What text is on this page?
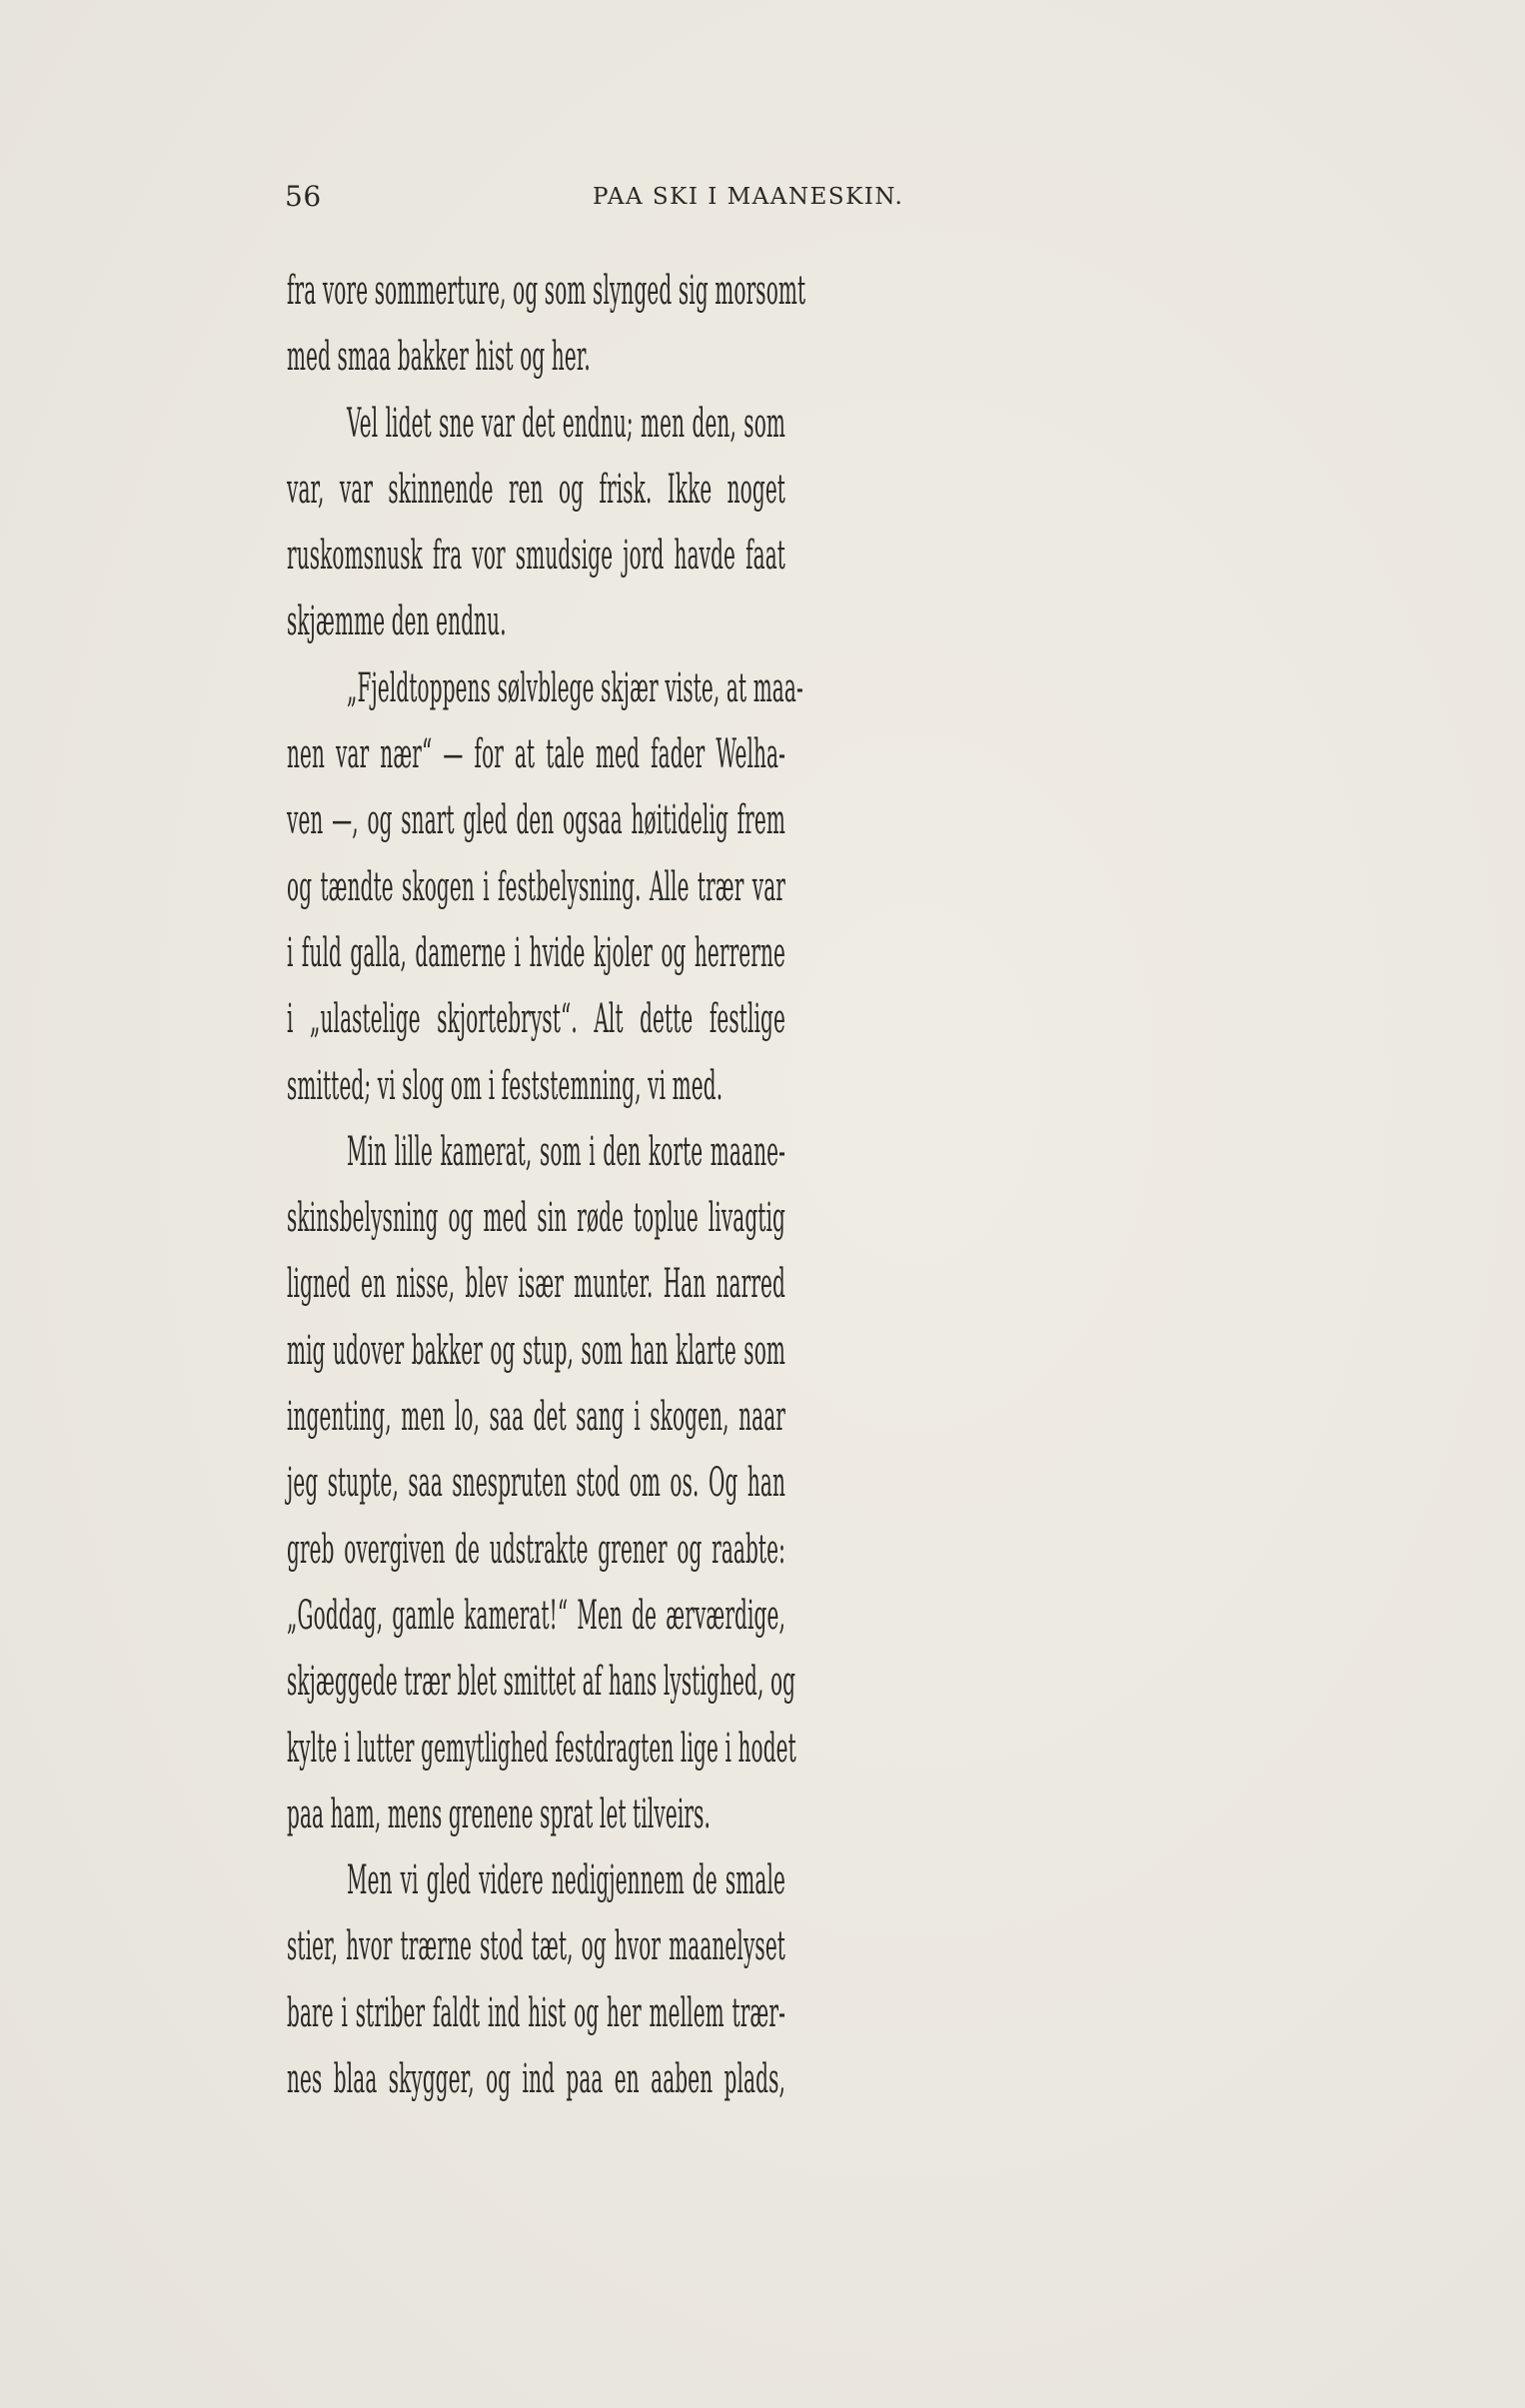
56	PAA SKI I MAANESKIN.
fra vore sommerture, og som slynged sig morsomt
med smaa bakker hist og her.
Vel lidet sne var det endnu; men den, som
var, var skinnende ren og frisk. Ikke noget
ruskomsnusk fra vor smudsige jord havde faat
skjæmme den endnu.
„Fjeldtoppens sølvblege skjær viste, at maa-
nen var nær“ — for at tale med fader Welha-
ven —, og snart gled den ogsaa høitidelig frem
og tændte skogen i festbelysning. Alle trær var
i fuld galla, damerne i hvide kjoler og herrerne
i „ulastelige skjortebryst“. Alt dette festlige
smitted; vi slog om i feststemning, vi med.
Min lille kamerat, som i den korte maane-
skinsbelysning og med sin røde toplue livagtig
ligned en nisse, blev især munter. Han narred
mig udover bakker og stup, som han klarte som
ingenting, men lo, saa det sang i skogen, naar
jeg stupte, saa snespruten stod om os. Og han
greb overgiven de udstrakte grener og raabte:
„Goddag, gamle kamerat!“ Men de ærværdige,
skjæggede trær blet smittet af hans lystighed, og
kylte i lutter gemytlighed festdragten lige i hodet
paa ham, mens grenene sprat let tilveirs.
Men vi gled videre nedigjennem de smale
stier, hvor trærne stod tæt, og hvor maanelyset
bare i striber faldt ind hist og her mellem trær-
nes blaa skygger, og ind paa en aaben plads,
